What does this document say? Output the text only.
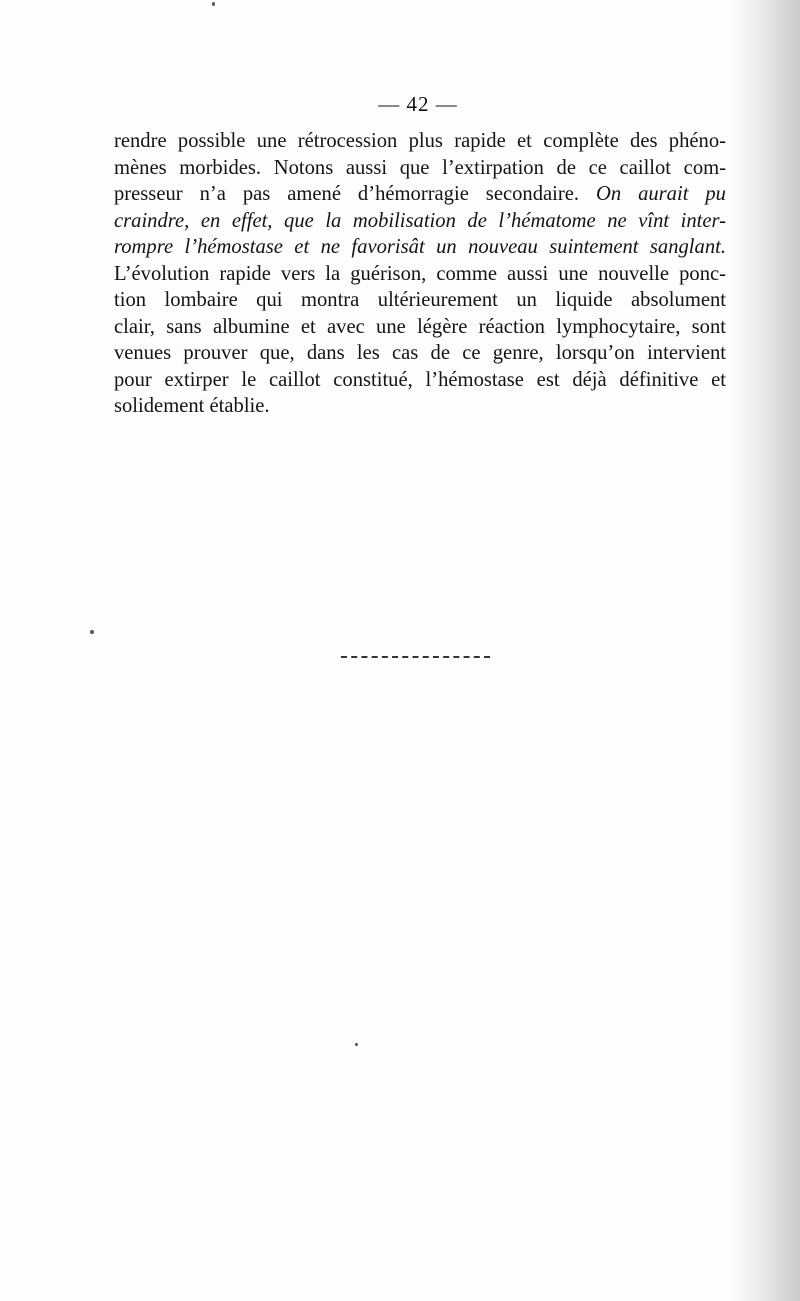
— 42 —
rendre possible une rétrocession plus rapide et complète des phéno-
mènes morbides. Notons aussi que l’extirpation de ce caillot com-
presseur n’a pas amené d’hémorragie secondaire. On aurait pu
craindre, en effet, que la mobilisation de l’hématome ne vînt inter-
rompre l’hémostase et ne favorisât un nouveau suintement sanglant.
L’évolution rapide vers la guérison, comme aussi une nouvelle ponc-
tion lombaire qui montra ultérieurement un liquide absolument
clair, sans albumine et avec une légère réaction lymphocytaire, sont
venues prouver que, dans les cas de ce genre, lorsqu’on intervient
pour extirper le caillot constitué, l’hémostase est déjà définitive et
solidement établie.
